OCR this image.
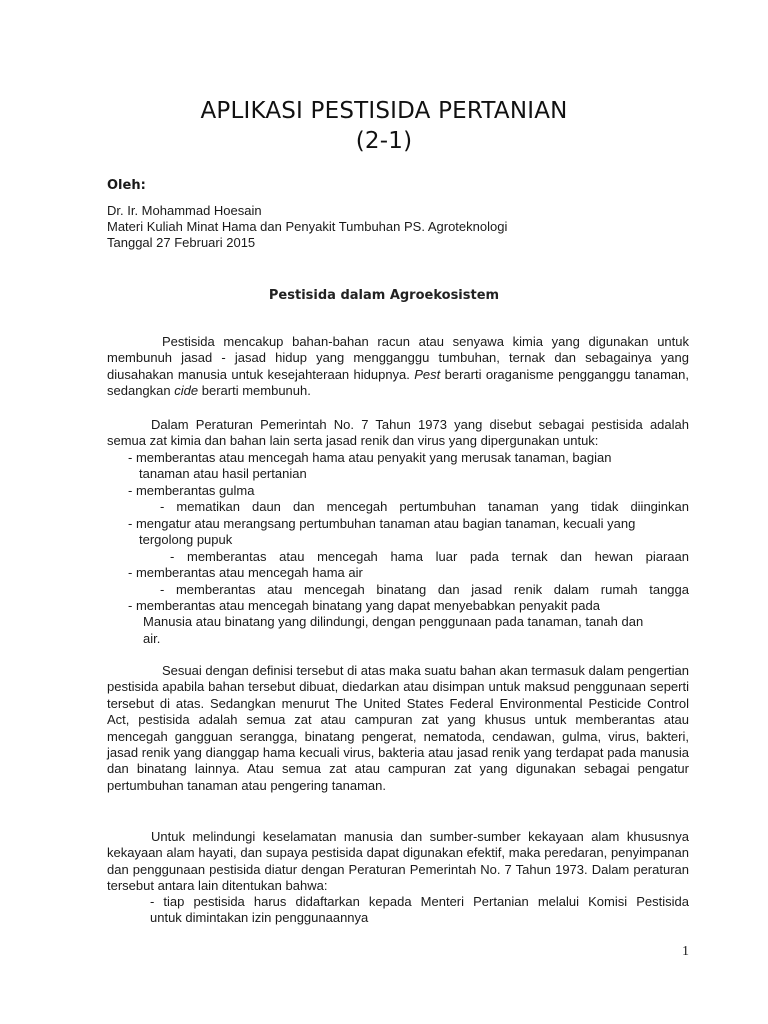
APLIKASI PESTISIDA PERTANIAN
(2-1)
Oleh:
Dr. Ir. Mohammad Hoesain
Materi Kuliah Minat Hama dan Penyakit Tumbuhan PS. Agroteknologi
Tanggal 27 Februari 2015
Pestisida dalam Agroekosistem
Pestisida mencakup bahan-bahan racun atau senyawa kimia yang digunakan untuk membunuh jasad - jasad hidup yang mengganggu tumbuhan, ternak dan sebagainya yang diusahakan manusia untuk kesejahteraan hidupnya. Pest berarti oraganisme pengganggu tanaman, sedangkan cide berarti membunuh.
Dalam Peraturan Pemerintah No. 7 Tahun 1973 yang disebut sebagai pestisida adalah semua zat kimia dan bahan lain serta jasad renik dan virus yang dipergunakan untuk:
- memberantas atau mencegah hama atau penyakit yang merusak tanaman, bagian
tanaman atau hasil pertanian
- memberantas gulma
- mematikan daun dan mencegah pertumbuhan tanaman yang tidak diinginkan
- mengatur atau merangsang pertumbuhan tanaman atau bagian tanaman, kecuali yang
tergolong pupuk
- memberantas atau mencegah hama luar pada ternak dan hewan piaraan
- memberantas atau mencegah hama air
- memberantas atau mencegah binatang dan jasad renik dalam rumah tangga
- memberantas atau mencegah binatang yang dapat menyebabkan penyakit pada
Manusia atau binatang yang dilindungi, dengan penggunaan pada tanaman, tanah dan
air.
Sesuai dengan definisi tersebut di atas maka suatu bahan akan termasuk dalam pengertian pestisida apabila bahan tersebut dibuat, diedarkan atau disimpan untuk maksud penggunaan seperti tersebut di atas. Sedangkan menurut The United States Federal Environmental Pesticide Control Act, pestisida adalah semua zat atau campuran zat yang khusus untuk memberantas atau mencegah gangguan serangga, binatang pengerat, nematoda, cendawan, gulma, virus, bakteri, jasad renik yang dianggap hama kecuali virus, bakteria atau jasad renik yang terdapat pada manusia dan binatang lainnya. Atau semua zat atau campuran zat yang digunakan sebagai pengatur pertumbuhan tanaman atau pengering tanaman.
Untuk melindungi keselamatan manusia dan sumber-sumber kekayaan alam khususnya kekayaan alam hayati, dan supaya pestisida dapat digunakan efektif, maka peredaran, penyimpanan dan penggunaan pestisida diatur dengan Peraturan Pemerintah No. 7 Tahun 1973. Dalam peraturan tersebut antara lain ditentukan bahwa:
- tiap pestisida harus didaftarkan kepada Menteri Pertanian melalui Komisi Pestisida
untuk dimintakan izin penggunaannya
1
